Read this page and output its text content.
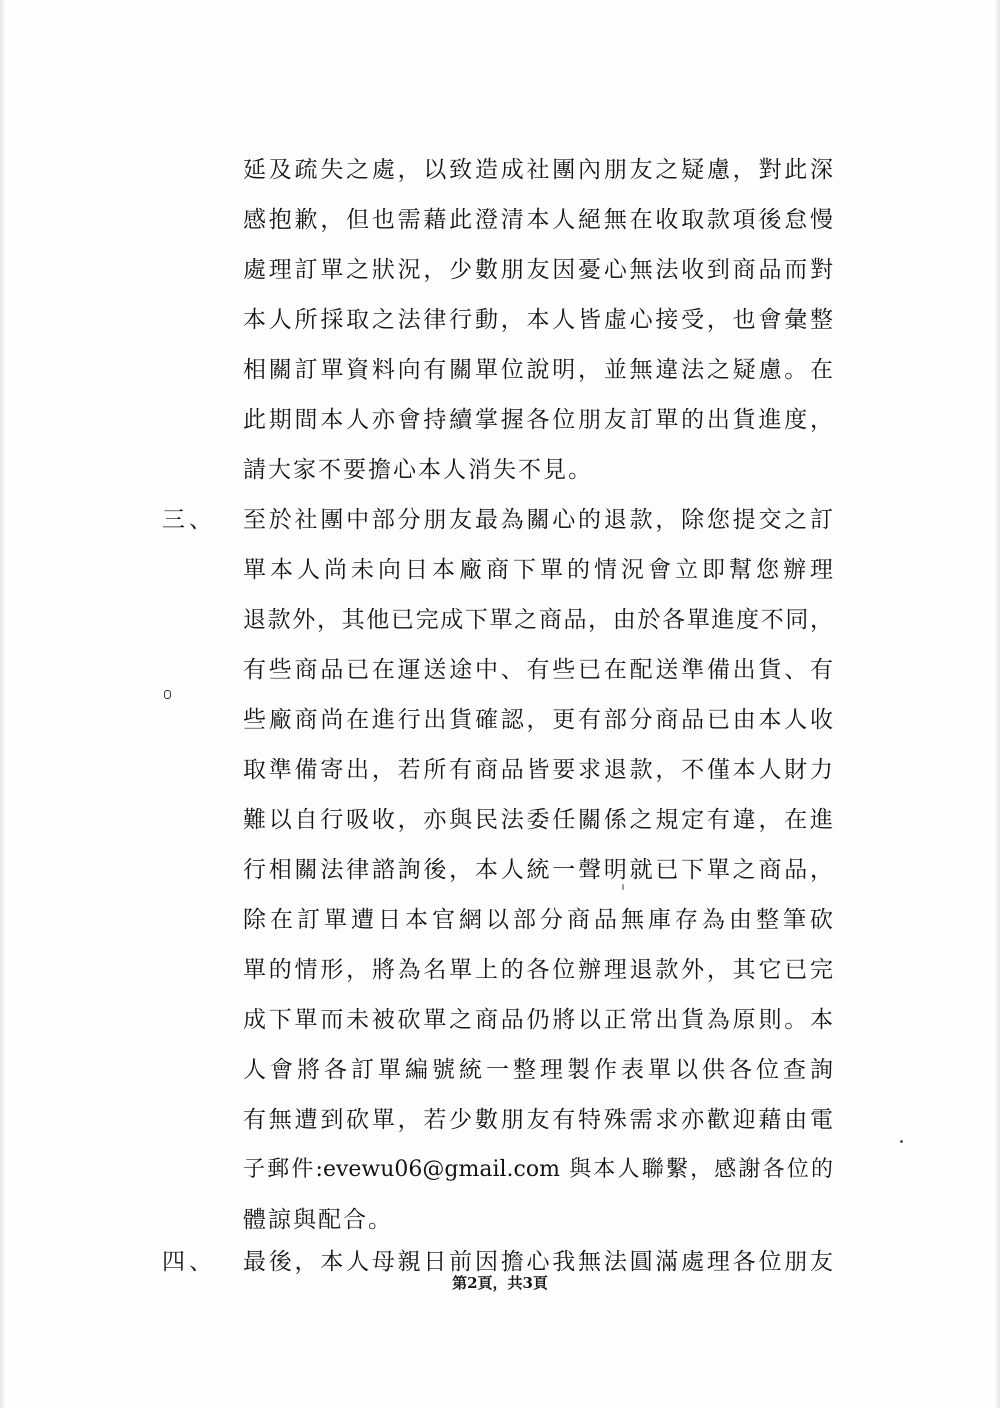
延及疏失之處，以致造成社團內朋友之疑慮，對此深
感抱歉，但也需藉此澄清本人絕無在收取款項後怠慢
處理訂單之狀況，少數朋友因憂心無法收到商品而對
本人所採取之法律行動，本人皆虛心接受，也會彙整
相關訂單資料向有關單位說明，並無違法之疑慮。在
此期間本人亦會持續掌握各位朋友訂單的出貨進度，
請大家不要擔心本人消失不見。
三、 至於社團中部分朋友最為關心的退款，除您提交之訂
單本人尚未向日本廠商下單的情況會立即幫您辦理
退款外，其他已完成下單之商品，由於各單進度不同，
有些商品已在運送途中、有些已在配送準備出貨、有
些廠商尚在進行出貨確認，更有部分商品已由本人收
取準備寄出，若所有商品皆要求退款，不僅本人財力
難以自行吸收，亦與民法委任關係之規定有違，在進
行相關法律諮詢後，本人統一聲明就已下單之商品，
除在訂單遭日本官網以部分商品無庫存為由整筆砍
單的情形，將為名單上的各位辦理退款外，其它已完
成下單而未被砍單之商品仍將以正常出貨為原則。本
人會將各訂單編號統一整理製作表單以供各位查詢
有無遭到砍單，若少數朋友有特殊需求亦歡迎藉由電
子郵件:evewu06@gmail.com 與本人聯繫，感謝各位的
體諒與配合。
四、 最後，本人母親日前因擔心我無法圓滿處理各位朋友
第2頁，共3頁
